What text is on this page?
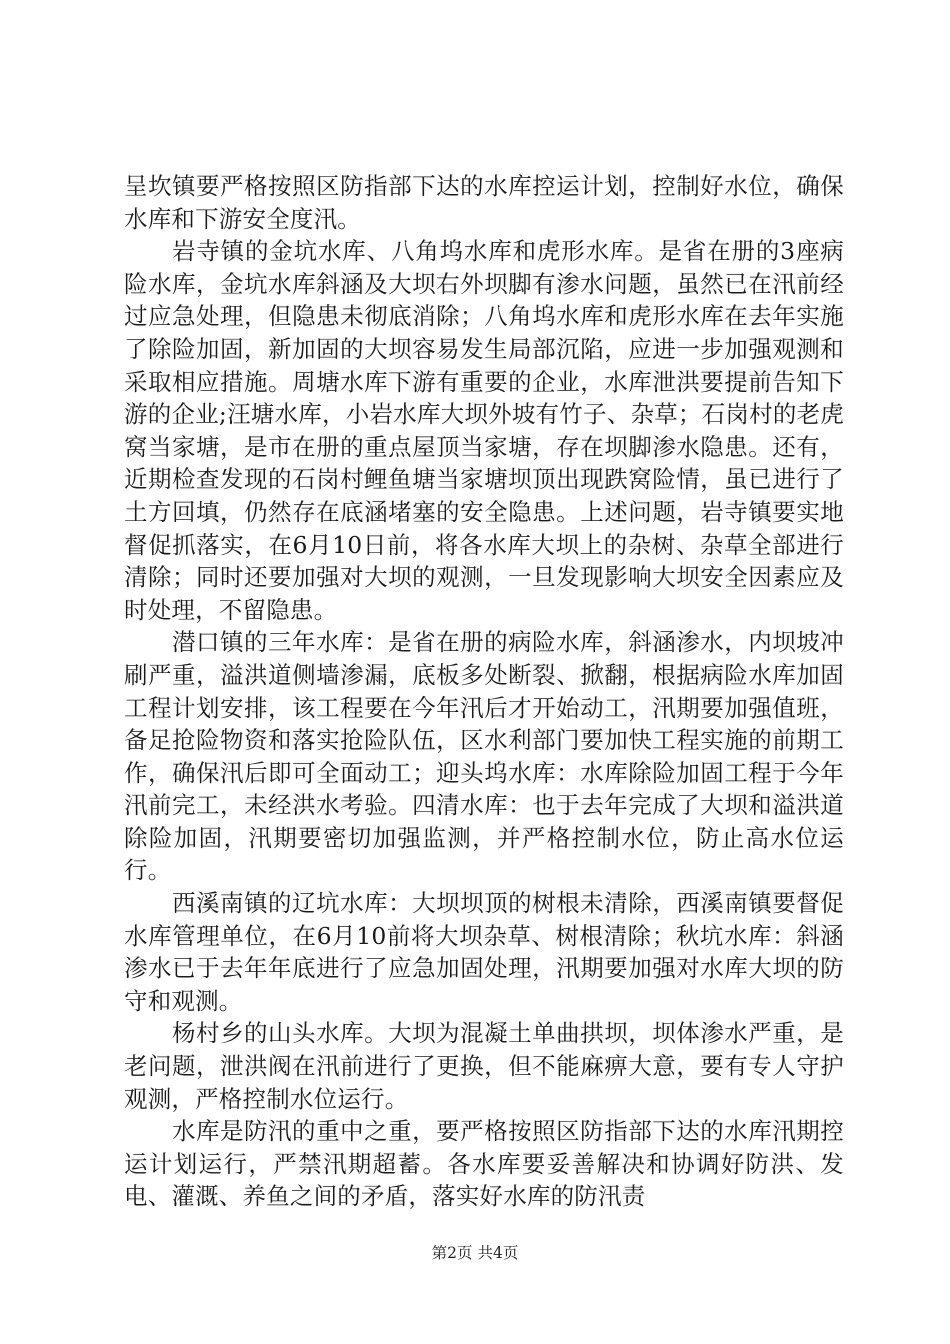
呈坎镇要严格按照区防指部下达的水库控运计划，控制好水位，确保水库和下游安全度汛。

岩寺镇的金坑水库、八角坞水库和虎形水库。是省在册的3座病险水库，金坑水库斜涵及大坝右外坝脚有渗水问题，虽然已在汛前经过应急处理，但隐患未彻底消除；八角坞水库和虎形水库在去年实施了除险加固，新加固的大坝容易发生局部沉陷，应进一步加强观测和采取相应措施。周塘水库下游有重要的企业，水库泄洪要提前告知下游的企业;汪塘水库，小岩水库大坝外坡有竹子、杂草；石岗村的老虎窝当家塘，是市在册的重点屋顶当家塘，存在坝脚渗水隐患。还有，近期检查发现的石岗村鲤鱼塘当家塘坝顶出现跌窝险情，虽已进行了土方回填，仍然存在底涵堵塞的安全隐患。上述问题，岩寺镇要实地督促抓落实，在6月10日前，将各水库大坝上的杂树、杂草全部进行清除；同时还要加强对大坝的观测，一旦发现影响大坝安全因素应及时处理，不留隐患。

潜口镇的三年水库：是省在册的病险水库，斜涵渗水，内坝坡冲刷严重，溢洪道侧墙渗漏，底板多处断裂、掀翻，根据病险水库加固工程计划安排，该工程要在今年汛后才开始动工，汛期要加强值班，备足抢险物资和落实抢险队伍，区水利部门要加快工程实施的前期工作，确保汛后即可全面动工；迎头坞水库：水库除险加固工程于今年汛前完工，未经洪水考验。四清水库：也于去年完成了大坝和溢洪道除险加固，汛期要密切加强监测，并严格控制水位，防止高水位运行。

西溪南镇的辽坑水库：大坝坝顶的树根未清除，西溪南镇要督促水库管理单位，在6月10前将大坝杂草、树根清除；秋坑水库：斜涵渗水已于去年年底进行了应急加固处理，汛期要加强对水库大坝的防守和观测。

杨村乡的山头水库。大坝为混凝土单曲拱坝，坝体渗水严重，是老问题，泄洪阀在汛前进行了更换，但不能麻痹大意，要有专人守护观测，严格控制水位运行。

水库是防汛的重中之重，要严格按照区防指部下达的水库汛期控运计划运行，严禁汛期超蓄。各水库要妥善解决和协调好防洪、发电、灌溉、养鱼之间的矛盾，落实好水库的防汛责

第2页 共4页
